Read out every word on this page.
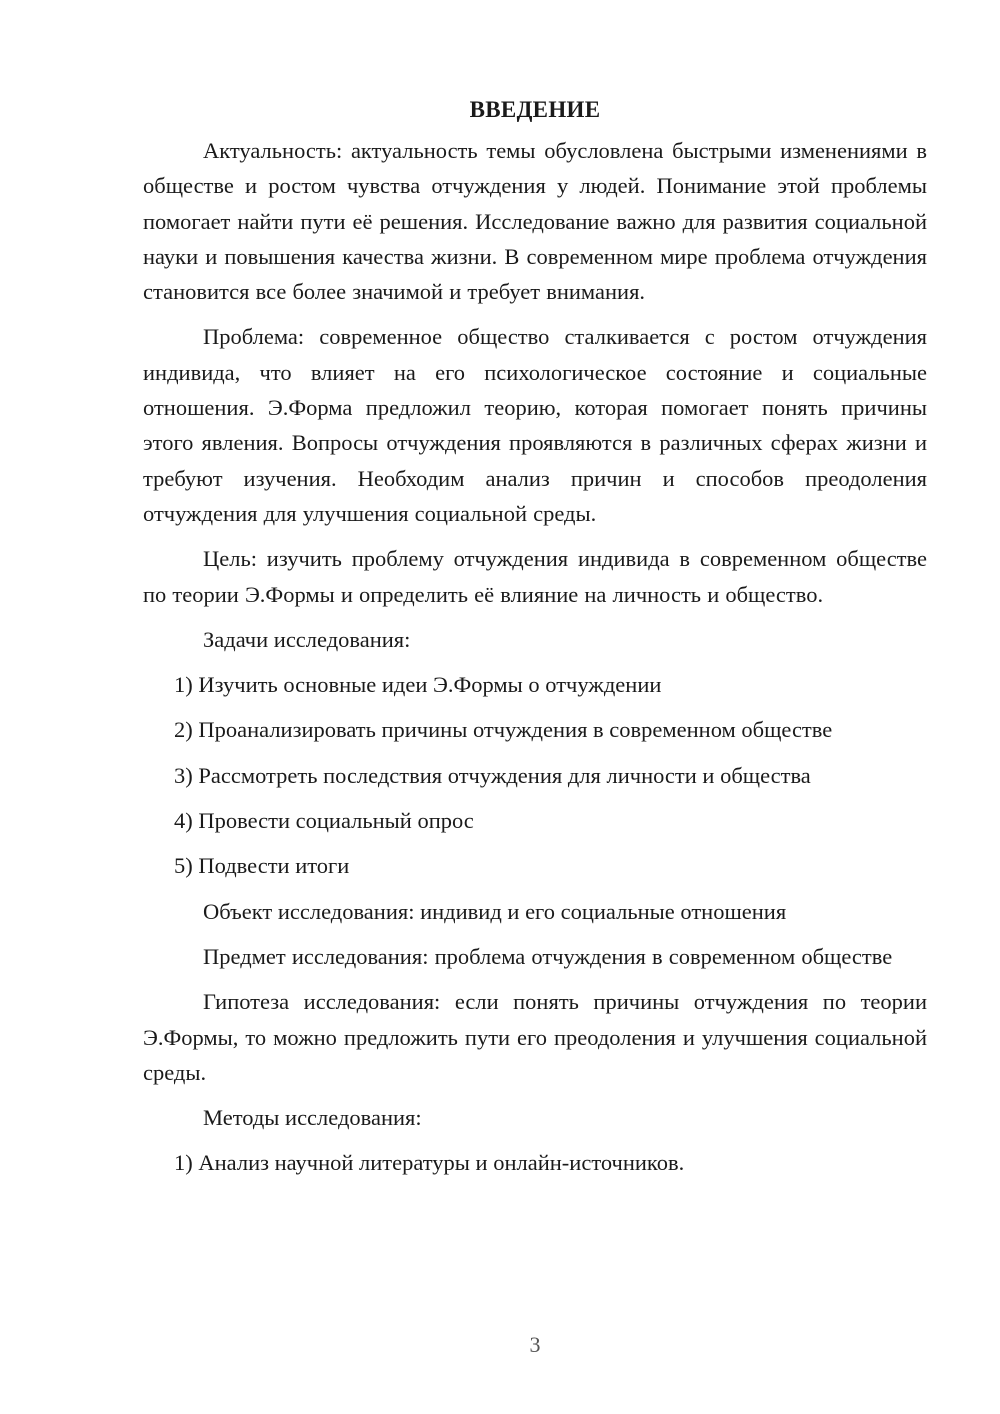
ВВЕДЕНИЕ
Актуальность: актуальность темы обусловлена быстрыми изменениями в обществе и ростом чувства отчуждения у людей. Понимание этой проблемы помогает найти пути её решения. Исследование важно для развития социальной науки и повышения качества жизни. В современном мире проблема отчуждения становится все более значимой и требует внимания.
Проблема: современное общество сталкивается с ростом отчуждения индивида, что влияет на его психологическое состояние и социальные отношения. Э.Форма предложил теорию, которая помогает понять причины этого явления. Вопросы отчуждения проявляются в различных сферах жизни и требуют изучения. Необходим анализ причин и способов преодоления отчуждения для улучшения социальной среды.
Цель: изучить проблему отчуждения индивида в современном обществе по теории Э.Формы и определить её влияние на личность и общество.
Задачи исследования:
1) Изучить основные идеи Э.Формы о отчуждении
2) Проанализировать причины отчуждения в современном обществе
3) Рассмотреть последствия отчуждения для личности и общества
4) Провести социальный опрос
5) Подвести итоги
Объект исследования: индивид и его социальные отношения
Предмет исследования: проблема отчуждения в современном обществе
Гипотеза исследования: если понять причины отчуждения по теории Э.Формы, то можно предложить пути его преодоления и улучшения социальной среды.
Методы исследования:
1) Анализ научной литературы и онлайн-источников.
3
